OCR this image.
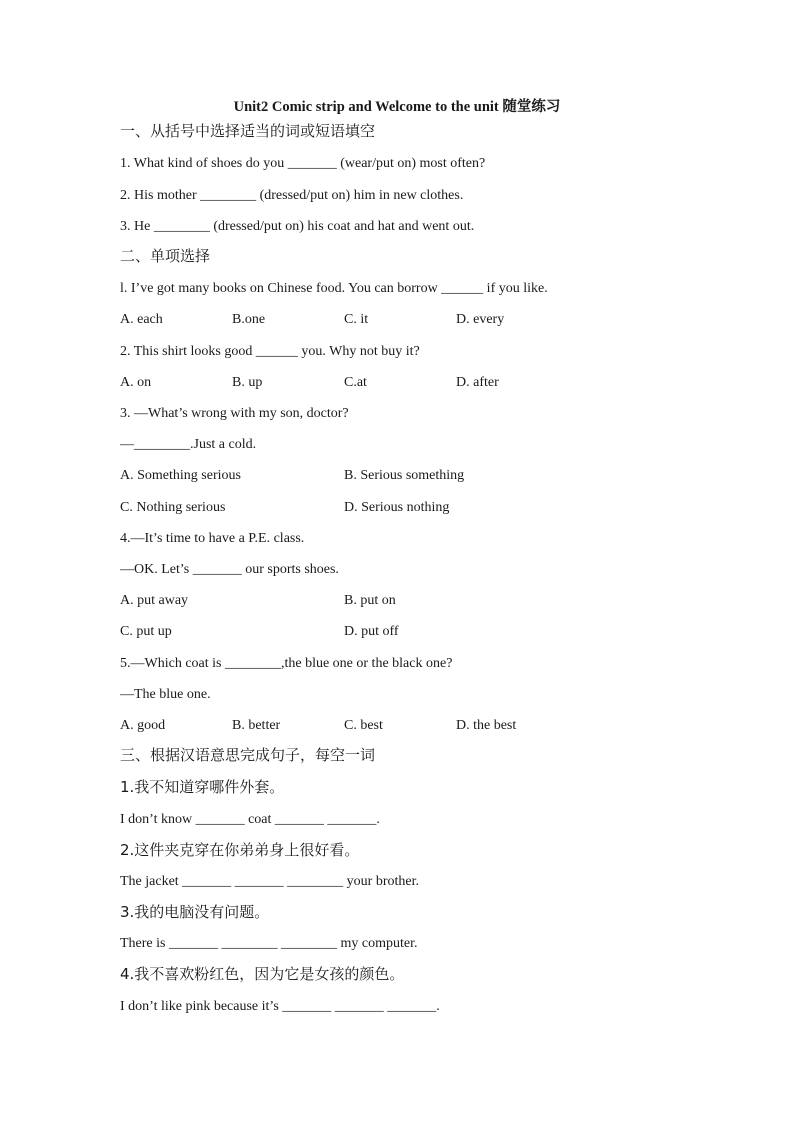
Unit2 Comic strip and Welcome to the unit 随堂练习
一、从括号中选择适当的词或短语填空
1. What kind of shoes do you _______ (wear/put on) most often?
2. His mother ________ (dressed/put on) him in new clothes.
3. He ________ (dressed/put on) his coat and hat and went out.
二、单项选择
l. I’ve got many books on Chinese food. You can borrow ______ if you like.
A. each	B.one	C. it	D. every
2. This shirt looks good ______ you. Why not buy it?
A. on	B. up	C.at	D. after
3. —What’s wrong with my son, doctor?
—________.Just a cold.
A. Something serious	B. Serious something
C. Nothing serious	D. Serious nothing
4.—It’s time to have a P.E. class.
—OK. Let’s _______ our sports shoes.
A. put away	B. put on
C. put up	D. put off
5.—Which coat is ________,the blue one or the black one?
—The blue one.
A. good	B. better	C. best	D. the best
三、根据汉语意思完成句子，每空一词
1.我不知道穿哪件外套。
I don’t know _______ coat _______ _______.
2.这件夹克穿在你弟弟身上很好看。
The jacket _______ _______ ________ your brother.
3.我的电脑没有问题。
There is _______ ________ ________ my computer.
4.我不喜欢粉红色，因为它是女孩的颜色。
I don’t like pink because it’s _______ _______ _______.
